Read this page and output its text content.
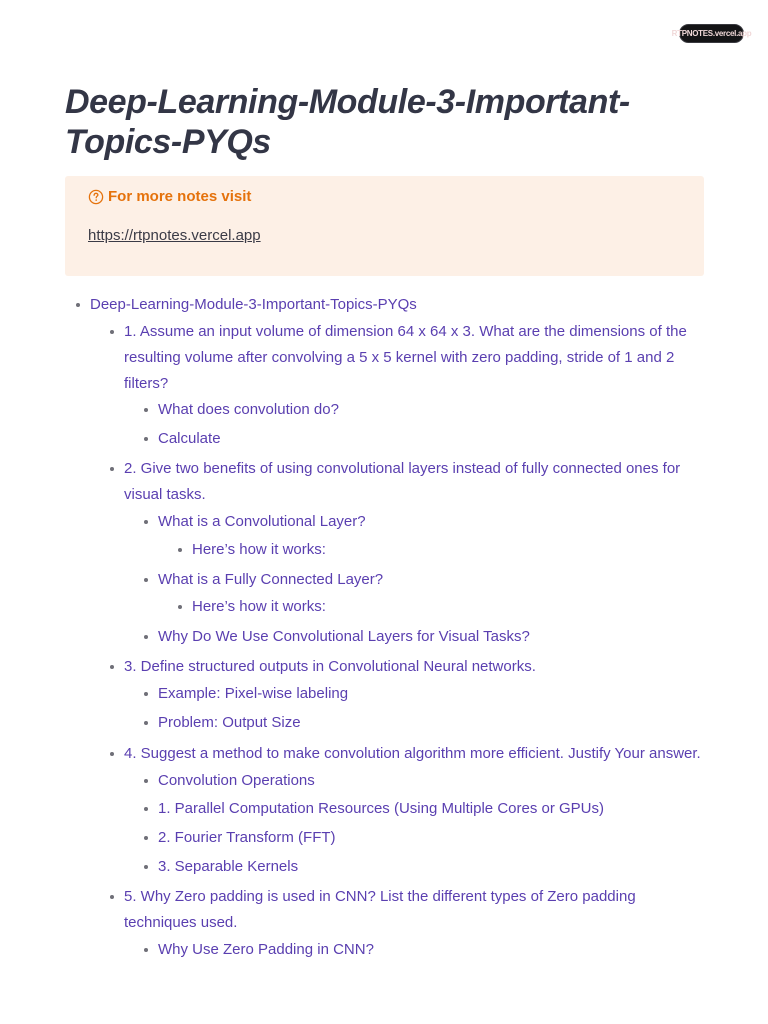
RTPNOTES.vercel.app
Deep-Learning-Module-3-Important-Topics-PYQs
For more notes visit
https://rtpnotes.vercel.app
Deep-Learning-Module-3-Important-Topics-PYQs
1. Assume an input volume of dimension 64 x 64 x 3. What are the dimensions of the resulting volume after convolving a 5 x 5 kernel with zero padding, stride of 1 and 2 filters?
What does convolution do?
Calculate
2. Give two benefits of using convolutional layers instead of fully connected ones for visual tasks.
What is a Convolutional Layer?
Here’s how it works:
What is a Fully Connected Layer?
Here’s how it works:
Why Do We Use Convolutional Layers for Visual Tasks?
3. Define structured outputs in Convolutional Neural networks.
Example: Pixel-wise labeling
Problem: Output Size
4. Suggest a method to make convolution algorithm more efficient. Justify Your answer.
Convolution Operations
1. Parallel Computation Resources (Using Multiple Cores or GPUs)
2. Fourier Transform (FFT)
3. Separable Kernels
5. Why Zero padding is used in CNN? List the different types of Zero padding techniques used.
Why Use Zero Padding in CNN?
